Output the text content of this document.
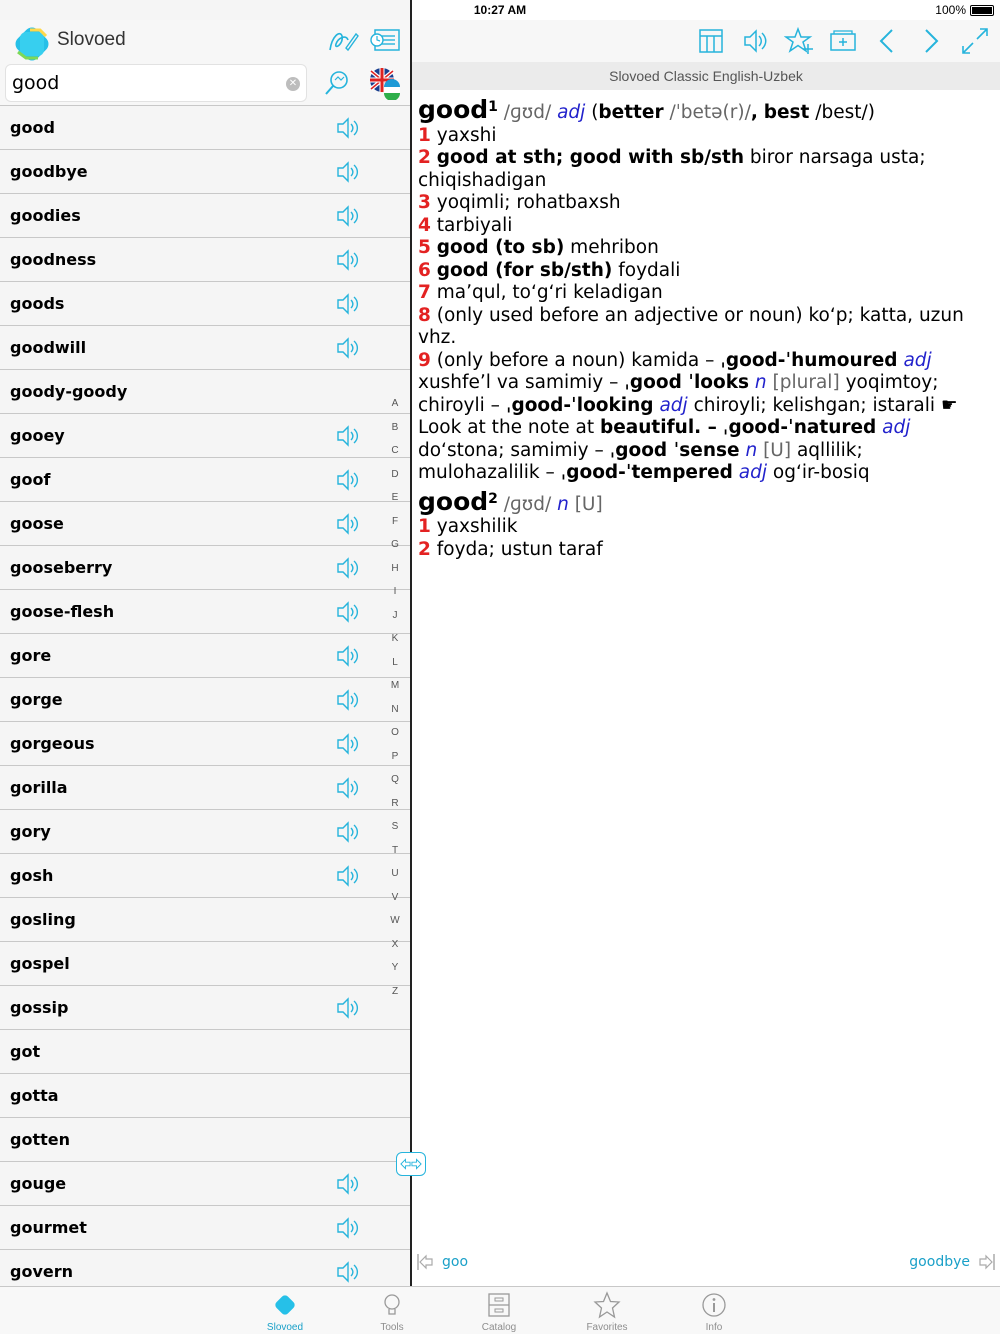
10:27 AM	100%
Slovoed
good
✕
good
goodbye
goodies
goodness
goods
goodwill
goody-goody
gooey
goof
goose
gooseberry
goose-flesh
gore
gorge
gorgeous
gorilla
gory
gosh
gosling
gospel
gossip
got
gotta
gotten
gouge
gourmet
govern
A
B
C
D
E
F
G
H
I
J
K
L
M
N
O
P
Q
R
S
T
U
V
W
X
Y
Z
Slovoed Classic English-Uzbek

good$^1$ /ɡʊd/ adj (better /ˈbetə(r)/, best /best/)

1 yaxshi

2 good at sth; good with sb/sth biror narsaga usta; chiqishadigan

3 yoqimli; rohatbaxsh

4 tarbiyali

5 good (to sb) mehribon

6 good (for sb/sth) foydali

7 maʼqul, toʻgʻri keladigan

8 (only used before an adjective or noun) koʻp; katta, uzun vhz.

9 (only before a noun) kamida – ˌgood-ˈhumoured adj xushfeʼl va samimiy – ˌgood ˈlooks n [plural] yoqimtoy; chiroyli – ˌgood-ˈlooking adj chiroyli; kelishgan; istarali ☛ Look at the note at beautiful. – ˌgood-ˈnatured adj doʻstona; samimiy – ˌgood ˈsense n [U] aqllilik; mulohazalilik – ˌgood-ˈtempered adj ogʻir-bosiq

good$^2$ /ɡʊd/ n [U]

1 yaxshilik

2 foyda; ustun taraf

goo	goodbye
Slovoed	Tools	Catalog	Favorites	Info
